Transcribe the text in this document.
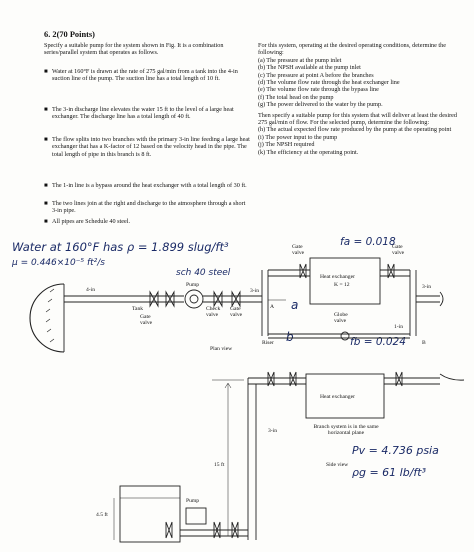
6. 2(70 Points)
Specify a suitable pump for the system shown in Fig. It is a combination series/parallel system that operates as follows.
■ Water at 160°F is drawn at the rate of 275 gal/min from a tank into the 4-in suction line of the pump. The suction line has a total length of 10 ft.
■ The 3-in discharge line elevates the water 15 ft to the level of a large heat exchanger. The discharge line has a total length of 40 ft.
■ The flow splits into two branches with the primary 3-in line feeding a large heat exchanger that has a K-factor of 12 based on the velocity head in the pipe. The total length of pipe in this branch is 8 ft.
■ The 1-in line is a bypass around the heat exchanger with a total length of 30 ft.
■ The two lines join at the right and discharge to the atmosphere through a short 3-in pipe.
■ All pipes are Schedule 40 steel.

For this system, operating at the desired operating conditions, determine the following:

(a) The pressure at the pump inlet
(b) The NPSH available at the pump inlet
(c) The pressure at point A before the branches
(d) The volume flow rate through the heat exchanger line
(e) The volume flow rate through the bypass line
(f) The total head on the pump
(g) The power delivered to the water by the pump.

Then specify a suitable pump for this system that will deliver at least the desired 275 gal/min of flow. For the selected pump, determine the following:

(h) The actual expected flow rate produced by the pump at the operating point
(i) The power input to the pump
(j) The NPSH required
(k) The efficiency at the operating point.
Water at 160°F has ρ = 1.899 slug/ft³
μ = 0.446×10⁻⁵ ft²/s
sch 40 steel
fa = 0.018
fb = 0.024
a
b
Pv = 4.736 psia
ρg = 61 lb/ft³
4-in
Pump
Tank
Gate valve
Check valve
Gate valve
A
Riser
Plan view
3-in
Gate valve
Gate valve
Heat exchanger
K = 12
Globe valve
3-in
1-in
B
Heat exchanger
Branch system is in the same horizontal plane
3-in
15 ft
Pump
4.5 ft
Side view
